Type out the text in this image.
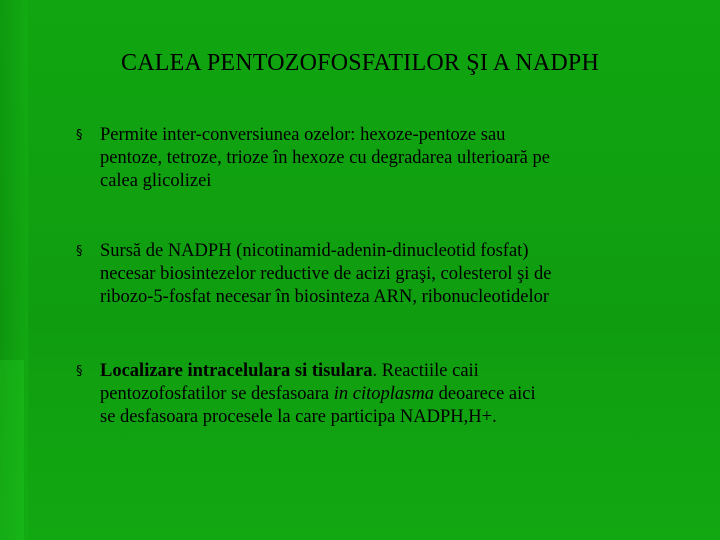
CALEA PENTOZOFOSFATILOR ŞI A NADPH
§ Permite inter-conversiunea ozelor: hexoze-pentoze sau
pentoze, tetroze, trioze în hexoze cu degradarea ulterioară pe
calea glicolizei
§ Sursă de NADPH (nicotinamid-adenin-dinucleotid fosfat)
necesar biosintezelor reductive de acizi graşi, colesterol şi de
ribozo-5-fosfat necesar în biosinteza ARN, ribonucleotidelor
§ Localizare intracelulara si tisulara. Reactiile caii
pentozofosfatilor se desfasoara in citoplasma deoarece aici
se desfasoara procesele la care participa NADPH,H+.
